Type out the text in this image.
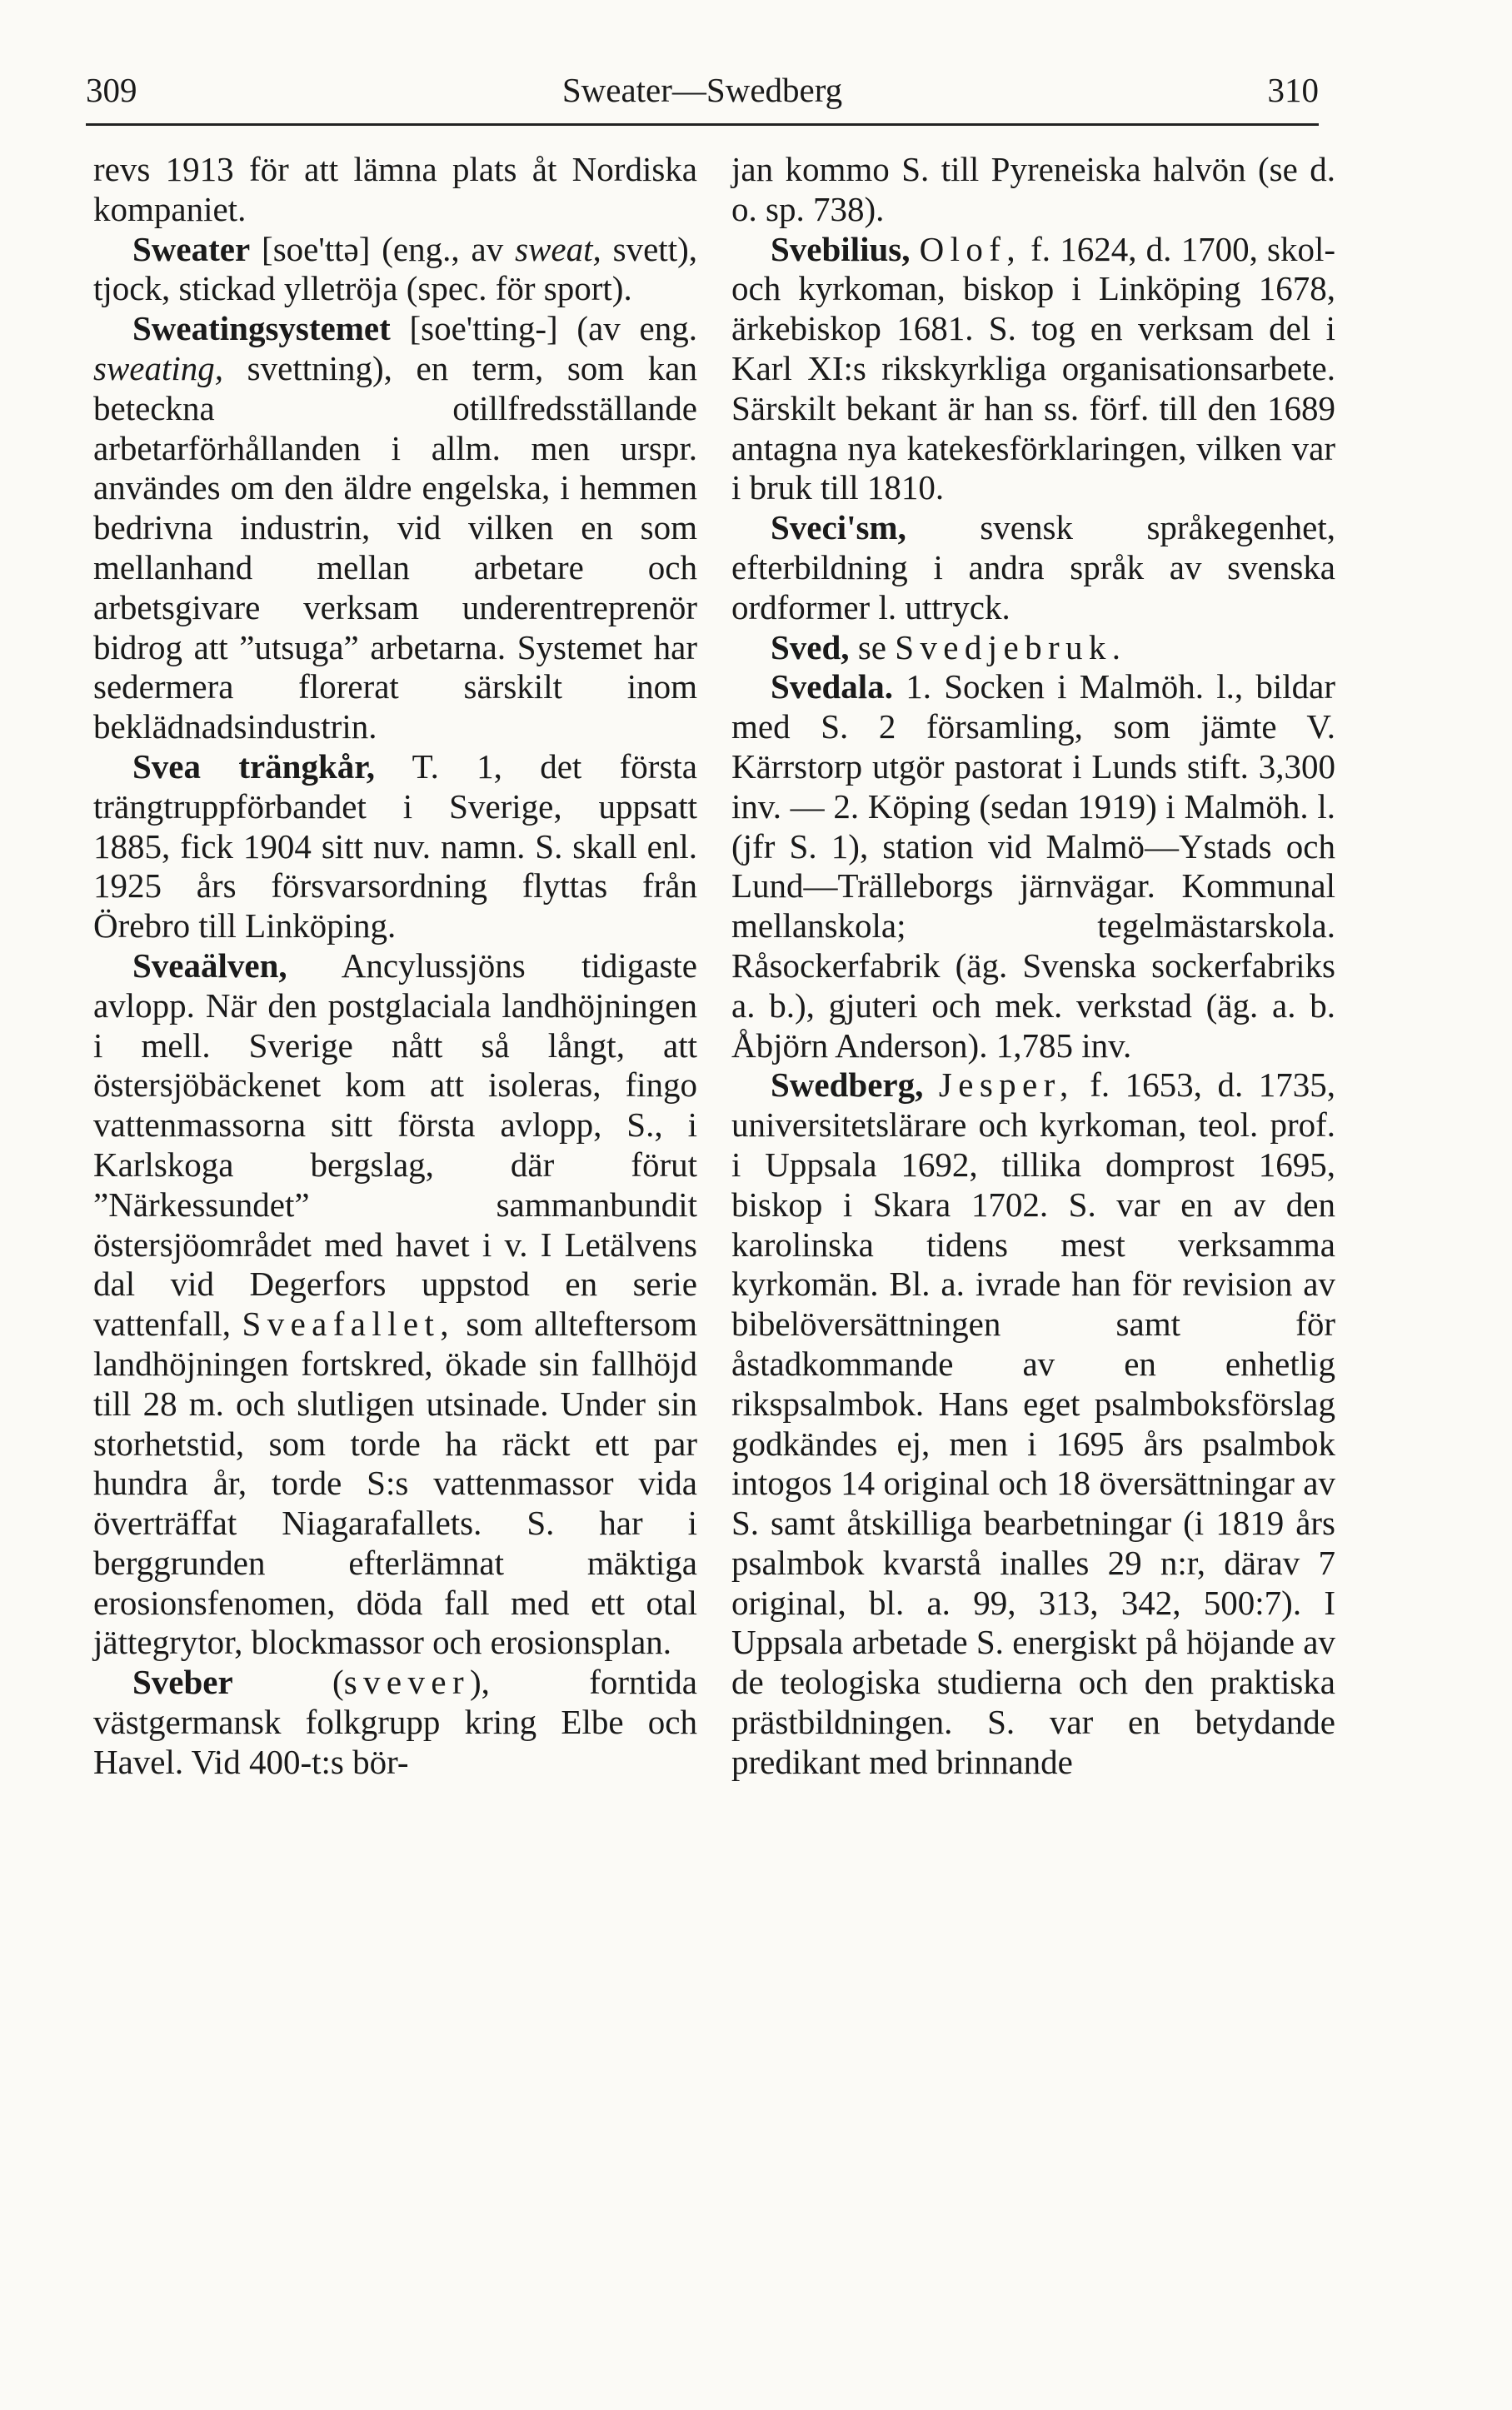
309	Sweater—Swedberg	310

revs 1913 för att lämna plats åt Nordiska kompaniet.

Sweater [soe'ttə] (eng., av sweat, svett), tjock, stickad ylletröja (spec. för sport).

Sweatingsystemet [soe'tting-] (av eng. sweating, svettning), en term, som kan beteckna otillfredsställande arbetarförhållanden i allm. men urspr. användes om den äldre engelska, i hemmen bedrivna industrin, vid vilken en som mellanhand mellan arbetare och arbetsgivare verksam underentreprenör bidrog att ”utsuga” arbetarna. Systemet har sedermera florerat särskilt inom beklädnadsindustrin.

Svea trängkår, T. 1, det första trängtruppförbandet i Sverige, uppsatt 1885, fick 1904 sitt nuv. namn. S. skall enl. 1925 års försvarsordning flyttas från Örebro till Linköping.

Sveaälven, Ancylussjöns tidigaste avlopp. När den postglaciala landhöjningen i mell. Sverige nått så långt, att östersjöbäckenet kom att isoleras, fingo vattenmassorna sitt första avlopp, S., i Karlskoga bergslag, där förut ”Närkessundet” sammanbundit östersjöområdet med havet i v. I Letälvens dal vid Degerfors uppstod en serie vattenfall, Sveafallet, som allteftersom landhöjningen fortskred, ökade sin fallhöjd till 28 m. och slutligen utsinade. Under sin storhetstid, som torde ha räckt ett par hundra år, torde S:s vattenmassor vida överträffat Niagarafallets. S. har i berggrunden efterlämnat mäktiga erosionsfenomen, döda fall med ett otal jättegrytor, blockmassor och erosionsplan.

Sveber (svever), forntida västgermansk folkgrupp kring Elbe och Havel. Vid 400-t:s bör-

jan kommo S. till Pyreneiska halvön (se d. o. sp. 738).

Svebilius, Olof, f. 1624, d. 1700, skol- och kyrkoman, biskop i Linköping 1678, ärkebiskop 1681. S. tog en verksam del i Karl XI:s rikskyrkliga organisationsarbete. Särskilt bekant är han ss. förf. till den 1689 antagna nya katekesförklaringen, vilken var i bruk till 1810.

Sveci'sm, svensk språkegenhet, efterbildning i andra språk av svenska ordformer l. uttryck.

Sved, se Svedjebruk.

Svedala. 1. Socken i Malmöh. l., bildar med S. 2 församling, som jämte V. Kärrstorp utgör pastorat i Lunds stift. 3,300 inv. — 2. Köping (sedan 1919) i Malmöh. l. (jfr S. 1), station vid Malmö—Ystads och Lund—Trälleborgs järnvägar. Kommunal mellanskola; tegelmästarskola. Råsockerfabrik (äg. Svenska sockerfabriks a. b.), gjuteri och mek. verkstad (äg. a. b. Åbjörn Anderson). 1,785 inv.

Swedberg, Jesper, f. 1653, d. 1735, universitetslärare och kyrkoman, teol. prof. i Uppsala 1692, tillika domprost 1695, biskop i Skara 1702. S. var en av den karolinska tidens mest verksamma kyrkomän. Bl. a. ivrade han för revision av bibelöversättningen samt för åstadkommande av en enhetlig rikspsalmbok. Hans eget psalmboksförslag godkändes ej, men i 1695 års psalmbok intogos 14 original och 18 översättningar av S. samt åtskilliga bearbetningar (i 1819 års psalmbok kvarstå inalles 29 n:r, därav 7 original, bl. a. 99, 313, 342, 500:7). I Uppsala arbetade S. energiskt på höjande av de teologiska studierna och den praktiska prästbildningen. S. var en betydande predikant med brinnande
